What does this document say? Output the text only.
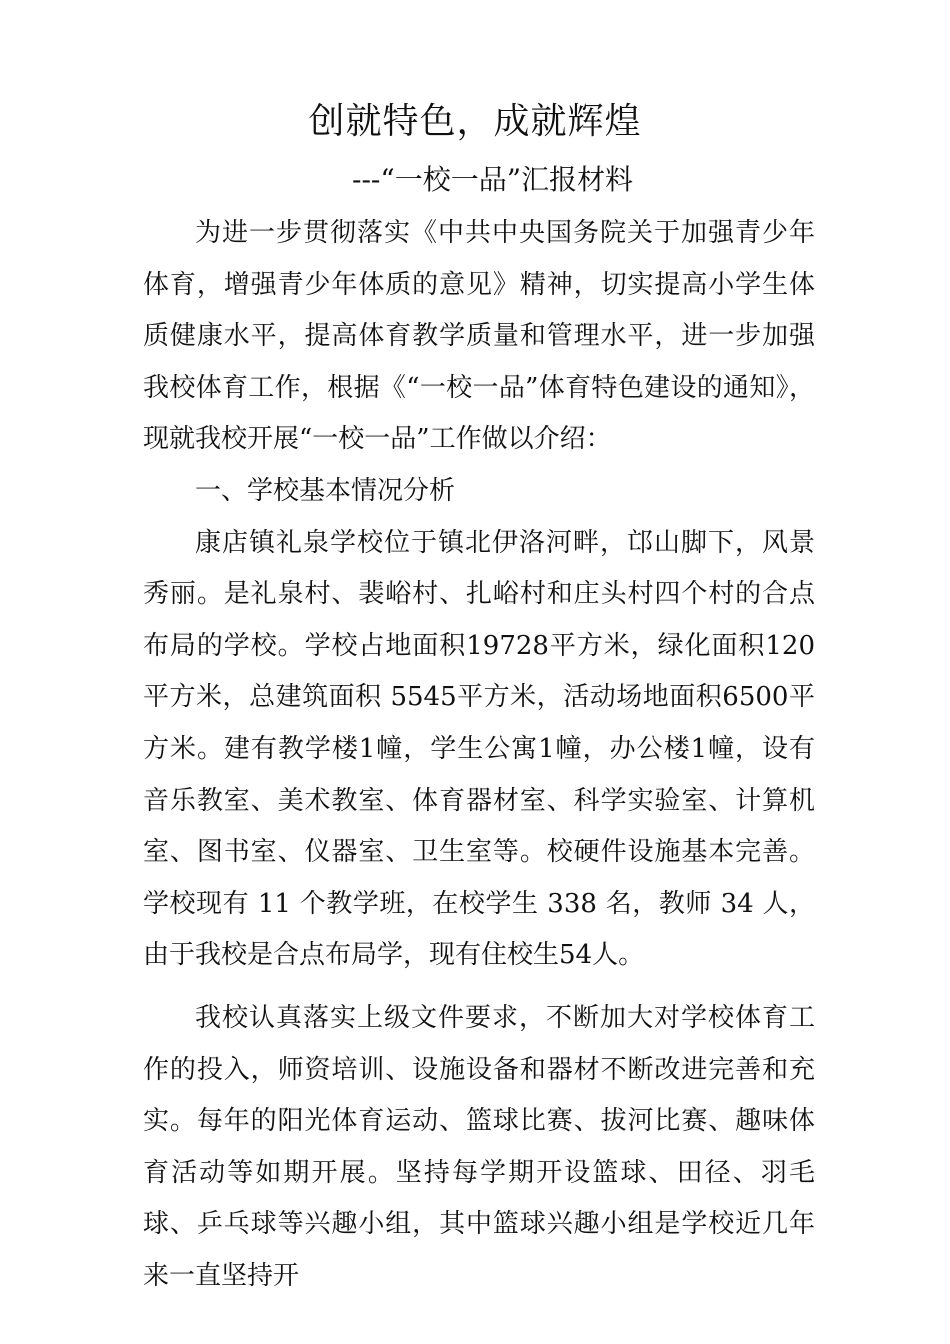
创就特色，成就辉煌
---“一校一品”汇报材料

为进一步贯彻落实《中共中央国务院关于加强青少年体育，增强青少年体质的意见》精神，切实提高小学生体质健康水平，提高体育教学质量和管理水平，进一步加强我校体育工作，根据《“一校一品”体育特色建设的通知》，现就我校开展“一校一品”工作做以介绍：

一、学校基本情况分析

康店镇礼泉学校位于镇北伊洛河畔，邙山脚下，风景秀丽。是礼泉村、裴峪村、扎峪村和庄头村四个村的合点布局的学校。学校占地面积19728平方米，绿化面积120平方米，总建筑面积 5545平方米，活动场地面积6500平方米。建有教学楼1幢，学生公寓1幢，办公楼1幢，设有音乐教室、美术教室、体育器材室、科学实验室、计算机室、图书室、仪器室、卫生室等。校硬件设施基本完善。学校现有 11 个教学班，在校学生 338 名，教师 34 人，由于我校是合点布局学，现有住校生54人。

我校认真落实上级文件要求，不断加大对学校体育工作的投入，师资培训、设施设备和器材不断改进完善和充实。每年的阳光体育运动、篮球比赛、拔河比赛、趣味体育活动等如期开展。坚持每学期开设篮球、田径、羽毛球、乒乓球等兴趣小组，其中篮球兴趣小组是学校近几年来一直坚持开
